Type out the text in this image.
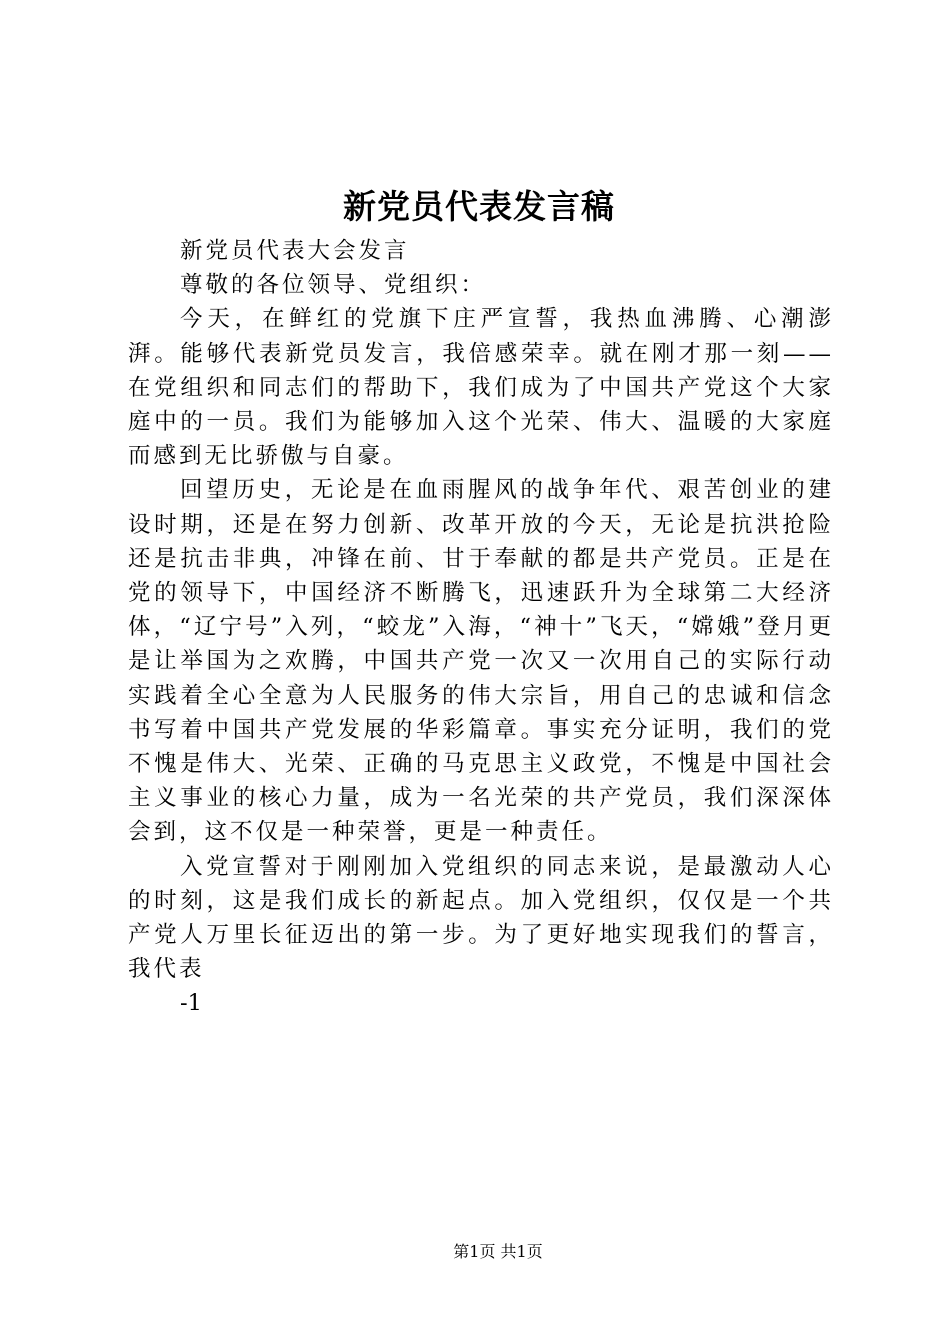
新党员代表发言稿

新党员代表大会发言

尊敬的各位领导、党组织：

今天，在鲜红的党旗下庄严宣誓，我热血沸腾、心潮澎湃。能够代表新党员发言，我倍感荣幸。就在刚才那一刻——在党组织和同志们的帮助下，我们成为了中国共产党这个大家庭中的一员。我们为能够加入这个光荣、伟大、温暖的大家庭而感到无比骄傲与自豪。

回望历史，无论是在血雨腥风的战争年代、艰苦创业的建设时期，还是在努力创新、改革开放的今天，无论是抗洪抢险还是抗击非典，冲锋在前、甘于奉献的都是共产党员。正是在党的领导下，中国经济不断腾飞，迅速跃升为全球第二大经济体，“辽宁号”入列，“蛟龙”入海，“神十”飞天，“嫦娥”登月更是让举国为之欢腾，中国共产党一次又一次用自己的实际行动实践着全心全意为人民服务的伟大宗旨，用自己的忠诚和信念书写着中国共产党发展的华彩篇章。事实充分证明，我们的党不愧是伟大、光荣、正确的马克思主义政党，不愧是中国社会主义事业的核心力量，成为一名光荣的共产党员，我们深深体会到，这不仅是一种荣誉，更是一种责任。

入党宣誓对于刚刚加入党组织的同志来说，是最激动人心的时刻，这是我们成长的新起点。加入党组织，仅仅是一个共产党人万里长征迈出的第一步。为了更好地实现我们的誓言，我代表

-1

第1页 共1页
